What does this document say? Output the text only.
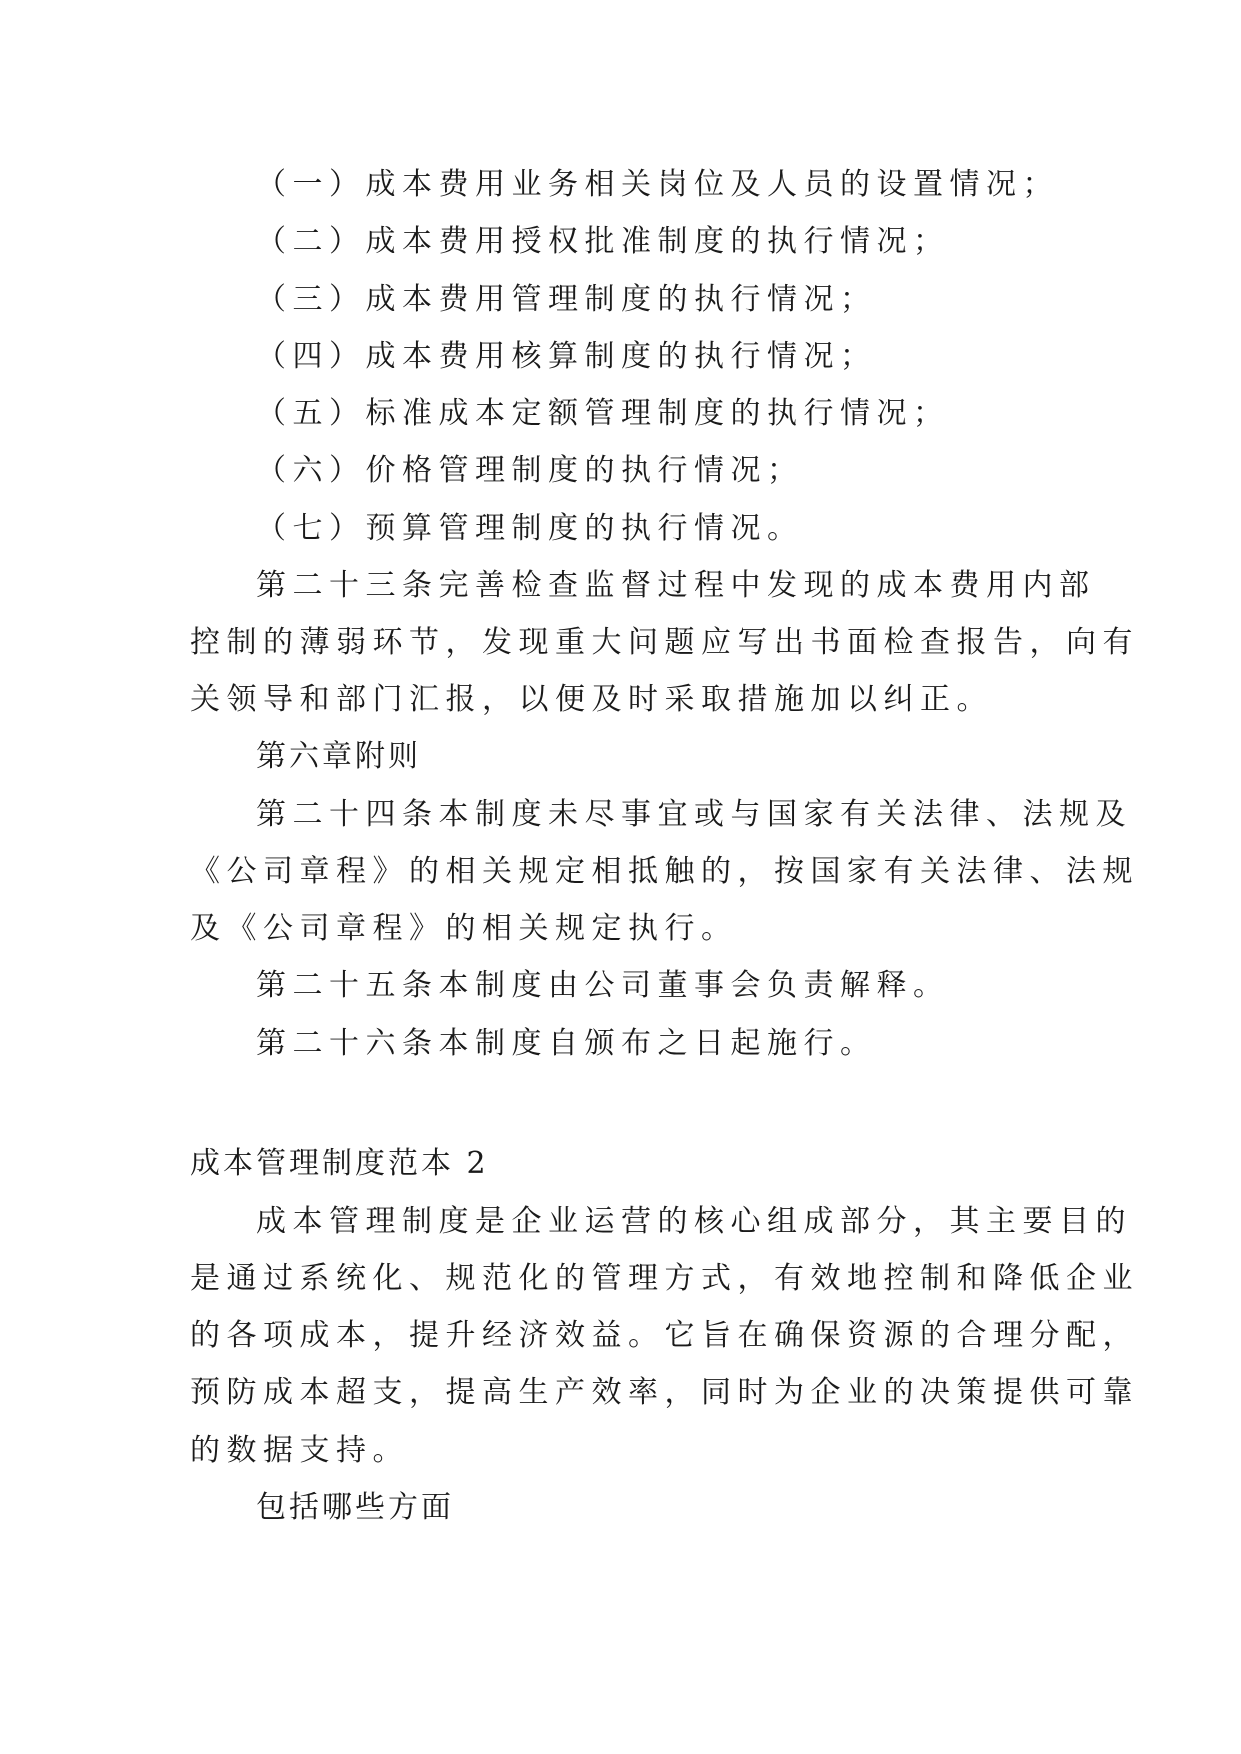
（一）成本费用业务相关岗位及人员的设置情况；
（二）成本费用授权批准制度的执行情况；
（三）成本费用管理制度的执行情况；
（四）成本费用核算制度的执行情况；
（五）标准成本定额管理制度的执行情况；
（六）价格管理制度的执行情况；
（七）预算管理制度的执行情况。
第二十三条完善检查监督过程中发现的成本费用内部
控制的薄弱环节，发现重大问题应写出书面检查报告，向有
关领导和部门汇报，以便及时采取措施加以纠正。
第六章附则
第二十四条本制度未尽事宜或与国家有关法律、法规及
《公司章程》的相关规定相抵触的，按国家有关法律、法规
及《公司章程》的相关规定执行。
第二十五条本制度由公司董事会负责解释。
第二十六条本制度自颁布之日起施行。
成本管理制度范本 2
成本管理制度是企业运营的核心组成部分，其主要目的
是通过系统化、规范化的管理方式，有效地控制和降低企业
的各项成本，提升经济效益。它旨在确保资源的合理分配，
预防成本超支，提高生产效率，同时为企业的决策提供可靠
的数据支持。
包括哪些方面
